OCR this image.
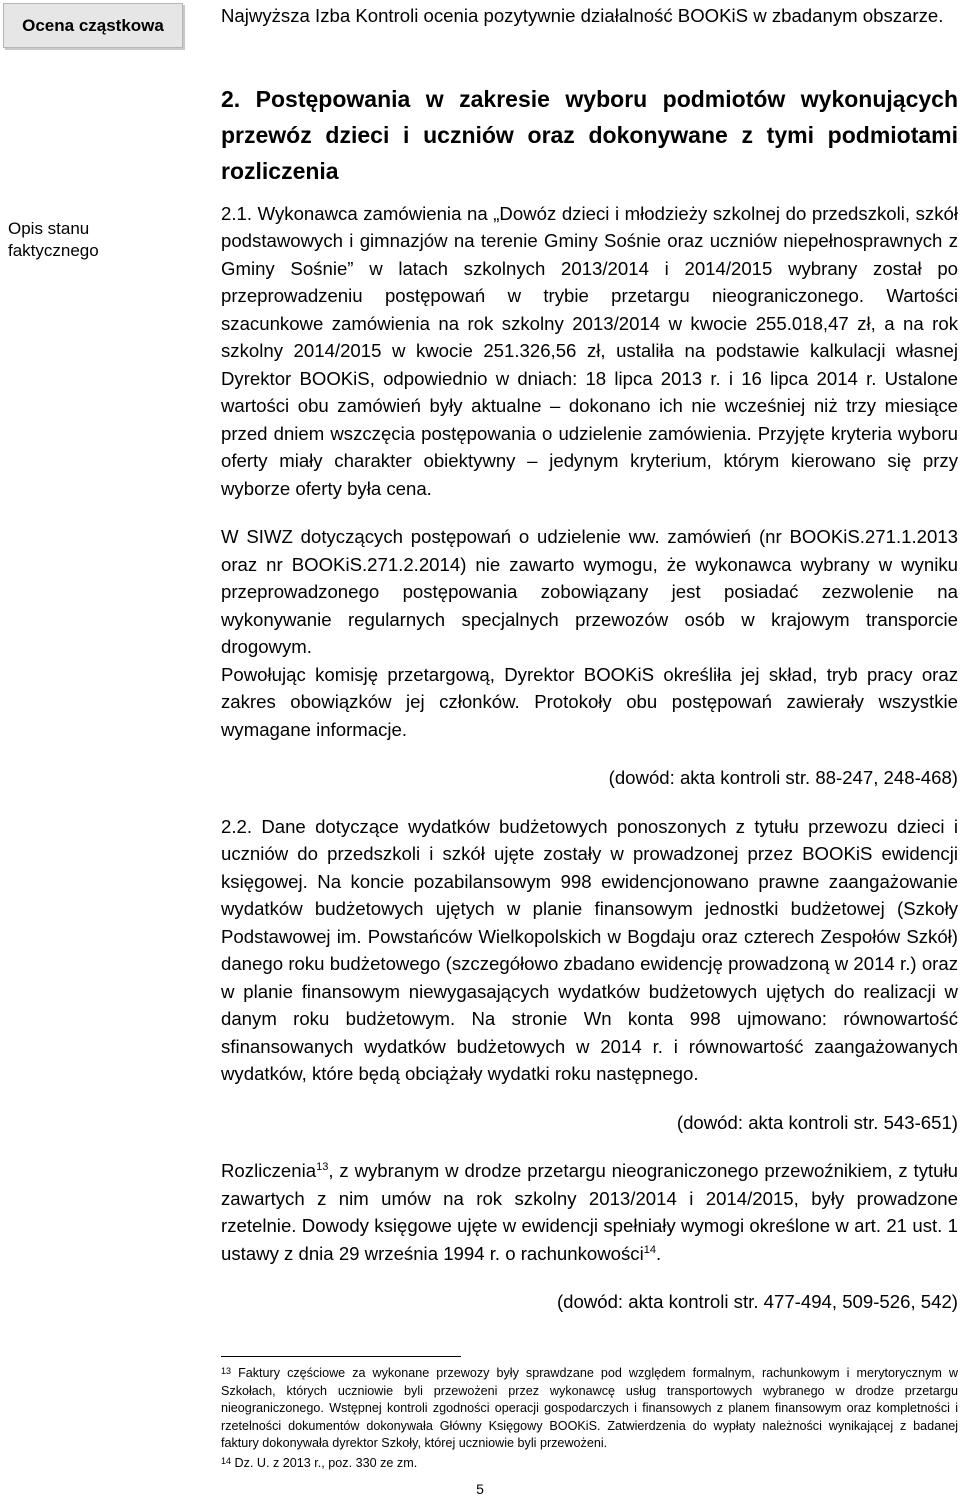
Ocena cząstkowa
Opis stanu faktycznego

Najwyższa Izba Kontroli ocenia pozytywnie działalność BOOKiS w zbadanym obszarze.

2. Postępowania w zakresie wyboru podmiotów wykonujących przewóz dzieci i uczniów oraz dokonywane z tymi podmiotami rozliczenia

2.1. Wykonawca zamówienia na „Dowóz dzieci i młodzieży szkolnej do przedszkoli, szkół podstawowych i gimnazjów na terenie Gminy Sośnie oraz uczniów niepełnosprawnych z Gminy Sośnie” w latach szkolnych 2013/2014 i 2014/2015 wybrany został po przeprowadzeniu postępowań w trybie przetargu nieograniczonego. Wartości szacunkowe zamówienia na rok szkolny 2013/2014 w kwocie 255.018,47 zł, a na rok szkolny 2014/2015 w kwocie 251.326,56 zł, ustaliła na podstawie kalkulacji własnej Dyrektor BOOKiS, odpowiednio w dniach: 18 lipca 2013 r. i 16 lipca 2014 r. Ustalone wartości obu zamówień były aktualne – dokonano ich nie wcześniej niż trzy miesiące przed dniem wszczęcia postępowania o udzielenie zamówienia. Przyjęte kryteria wyboru oferty miały charakter obiektywny – jedynym kryterium, którym kierowano się przy wyborze oferty była cena.

W SIWZ dotyczących postępowań o udzielenie ww. zamówień (nr BOOKiS.271.1.2013 oraz nr BOOKiS.271.2.2014) nie zawarto wymogu, że wykonawca wybrany w wyniku przeprowadzonego postępowania zobowiązany jest posiadać zezwolenie na wykonywanie regularnych specjalnych przewozów osób w krajowym transporcie drogowym.

Powołując komisję przetargową, Dyrektor BOOKiS określiła jej skład, tryb pracy oraz zakres obowiązków jej członków. Protokoły obu postępowań zawierały wszystkie wymagane informacje.

(dowód: akta kontroli str. 88-247, 248-468)

2.2. Dane dotyczące wydatków budżetowych ponoszonych z tytułu przewozu dzieci i uczniów do przedszkoli i szkół ujęte zostały w prowadzonej przez BOOKiS ewidencji księgowej. Na koncie pozabilansowym 998 ewidencjonowano prawne zaangażowanie wydatków budżetowych ujętych w planie finansowym jednostki budżetowej (Szkoły Podstawowej im. Powstańców Wielkopolskich w Bogdaju oraz czterech Zespołów Szkół) danego roku budżetowego (szczegółowo zbadano ewidencję prowadzoną w 2014 r.) oraz w planie finansowym niewygasających wydatków budżetowych ujętych do realizacji w danym roku budżetowym. Na stronie Wn konta 998 ujmowano: równowartość sfinansowanych wydatków budżetowych w 2014 r. i równowartość zaangażowanych wydatków, które będą obciążały wydatki roku następnego.

(dowód: akta kontroli str. 543-651)

Rozliczenia$^{13}$, z wybranym w drodze przetargu nieograniczonego przewoźnikiem, z tytułu zawartych z nim umów na rok szkolny 2013/2014 i 2014/2015, były prowadzone rzetelnie. Dowody księgowe ujęte w ewidencji spełniały wymogi określone w art. 21 ust. 1 ustawy z dnia 29 września 1994 r. o rachunkowości$^{14}$.

(dowód: akta kontroli str. 477-494, 509-526, 542)

$^{13}$ Faktury częściowe za wykonane przewozy były sprawdzane pod względem formalnym, rachunkowym i merytorycznym w Szkołach, których uczniowie byli przewożeni przez wykonawcę usług transportowych wybranego w drodze przetargu nieograniczonego. Wstępnej kontroli zgodności operacji gospodarczych i finansowych z planem finansowym oraz kompletności i rzetelności dokumentów dokonywała Główny Księgowy BOOKiS. Zatwierdzenia do wypłaty należności wynikającej z badanej faktury dokonywała dyrektor Szkoły, której uczniowie byli przewożeni.

$^{14}$ Dz. U. z 2013 r., poz. 330 ze zm.

5
